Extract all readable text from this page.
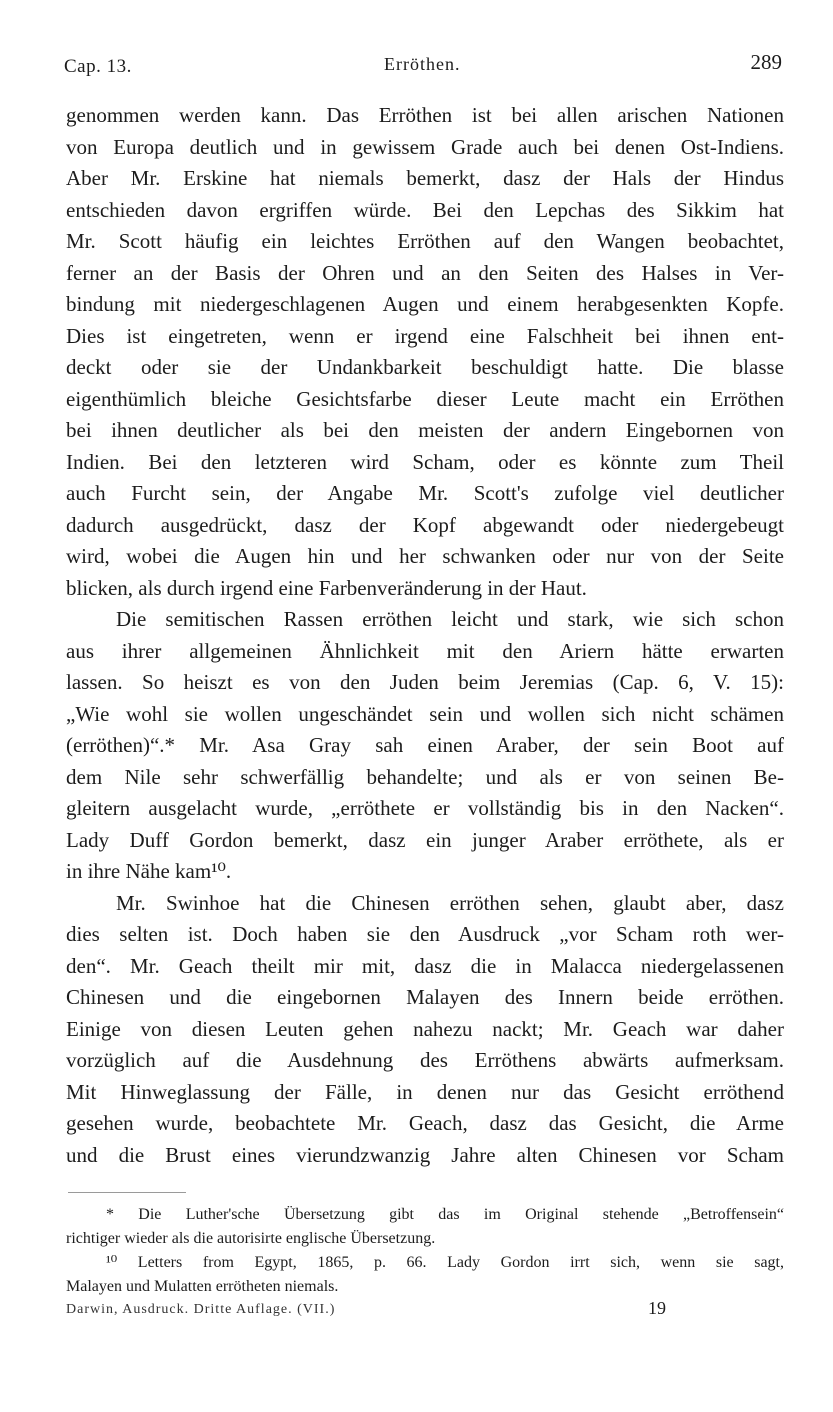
Cap. 13.	Erröthen.	289
genommen werden kann. Das Erröthen ist bei allen arischen Nationen
von Europa deutlich und in gewissem Grade auch bei denen Ost-Indiens.
Aber Mr. Erskine hat niemals bemerkt, dasz der Hals der Hindus
entschieden davon ergriffen würde. Bei den Lepchas des Sikkim hat
Mr. Scott häufig ein leichtes Erröthen auf den Wangen beobachtet,
ferner an der Basis der Ohren und an den Seiten des Halses in Ver-
bindung mit niedergeschlagenen Augen und einem herabgesenkten Kopfe.
Dies ist eingetreten, wenn er irgend eine Falschheit bei ihnen ent-
deckt oder sie der Undankbarkeit beschuldigt hatte. Die blasse
eigenthümlich bleiche Gesichtsfarbe dieser Leute macht ein Erröthen
bei ihnen deutlicher als bei den meisten der andern Eingebornen von
Indien. Bei den letzteren wird Scham, oder es könnte zum Theil
auch Furcht sein, der Angabe Mr. Scott's zufolge viel deutlicher
dadurch ausgedrückt, dasz der Kopf abgewandt oder niedergebeugt
wird, wobei die Augen hin und her schwanken oder nur von der Seite
blicken, als durch irgend eine Farbenveränderung in der Haut.
Die semitischen Rassen erröthen leicht und stark, wie sich schon
aus ihrer allgemeinen Ähnlichkeit mit den Ariern hätte erwarten
lassen. So heiszt es von den Juden beim Jeremias (Cap. 6, V. 15):
„Wie wohl sie wollen ungeschändet sein und wollen sich nicht schämen
(erröthen)“.* Mr. Asa Gray sah einen Araber, der sein Boot auf
dem Nile sehr schwerfällig behandelte; und als er von seinen Be-
gleitern ausgelacht wurde, „erröthete er vollständig bis in den Nacken“.
Lady Duff Gordon bemerkt, dasz ein junger Araber erröthete, als er
in ihre Nähe kam¹⁰.
Mr. Swinhoe hat die Chinesen erröthen sehen, glaubt aber, dasz
dies selten ist. Doch haben sie den Ausdruck „vor Scham roth wer-
den“. Mr. Geach theilt mir mit, dasz die in Malacca niedergelassenen
Chinesen und die eingebornen Malayen des Innern beide erröthen.
Einige von diesen Leuten gehen nahezu nackt; Mr. Geach war daher
vorzüglich auf die Ausdehnung des Erröthens abwärts aufmerksam.
Mit Hinweglassung der Fälle, in denen nur das Gesicht erröthend
gesehen wurde, beobachtete Mr. Geach, dasz das Gesicht, die Arme
und die Brust eines vierundzwanzig Jahre alten Chinesen vor Scham
* Die Luther'sche Übersetzung gibt das im Original stehende „Betroffensein“
richtiger wieder als die autorisirte englische Übersetzung.
¹⁰ Letters from Egypt, 1865, p. 66. Lady Gordon irrt sich, wenn sie sagt,
Malayen und Mulatten errötheten niemals.
Darwin, Ausdruck. Dritte Auflage. (VII.)	19
